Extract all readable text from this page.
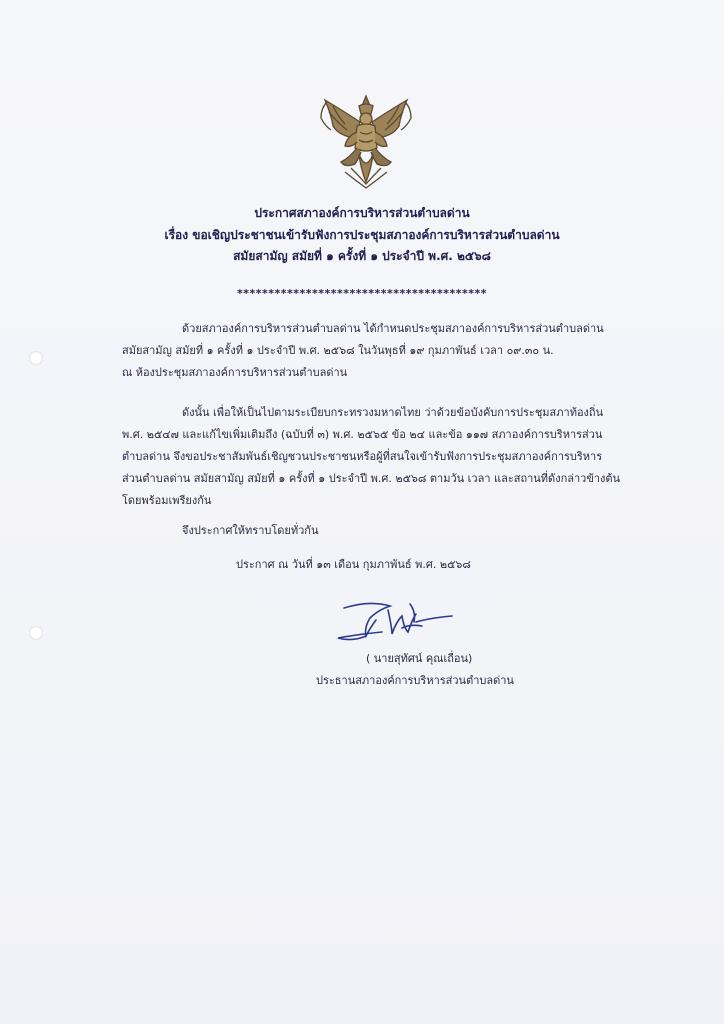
ประกาศสภาองค์การบริหารส่วนตำบลด่าน
เรื่อง ขอเชิญประชาชนเข้ารับฟังการประชุมสภาองค์การบริหารส่วนตำบลด่าน
สมัยสามัญ สมัยที่ ๑ ครั้งที่ ๑ ประจำปี พ.ศ. ๒๕๖๘
****************************************
ด้วยสภาองค์การบริหารส่วนตำบลด่าน ได้กำหนดประชุมสภาองค์การบริหารส่วนตำบลด่าน
สมัยสามัญ สมัยที่ ๑ ครั้งที่ ๑ ประจำปี พ.ศ. ๒๕๖๘ ในวันพุธที่ ๑๙ กุมภาพันธ์ เวลา ๐๙.๓๐ น.
ณ ห้องประชุมสภาองค์การบริหารส่วนตำบลด่าน
ดังนั้น เพื่อให้เป็นไปตามระเบียบกระทรวงมหาดไทย ว่าด้วยข้อบังคับการประชุมสภาท้องถิ่น
พ.ศ. ๒๕๔๗ และแก้ไขเพิ่มเติมถึง (ฉบับที่ ๓) พ.ศ. ๒๕๖๕ ข้อ ๒๔ และข้อ ๑๑๗ สภาองค์การบริหารส่วน
ตำบลด่าน จึงขอประชาสัมพันธ์เชิญชวนประชาชนหรือผู้ที่สนใจเข้ารับฟังการประชุมสภาองค์การบริหาร
ส่วนตำบลด่าน สมัยสามัญ สมัยที่ ๑ ครั้งที่ ๑ ประจำปี พ.ศ. ๒๕๖๘ ตามวัน เวลา และสถานที่ดังกล่าวข้างต้น
โดยพร้อมเพรียงกัน
จึงประกาศให้ทราบโดยทั่วกัน
ประกาศ ณ วันที่ ๑๓ เดือน กุมภาพันธ์ พ.ศ. ๒๕๖๘
( นายสุทัศน์ คุณเถื่อน)
ประธานสภาองค์การบริหารส่วนตำบลด่าน
